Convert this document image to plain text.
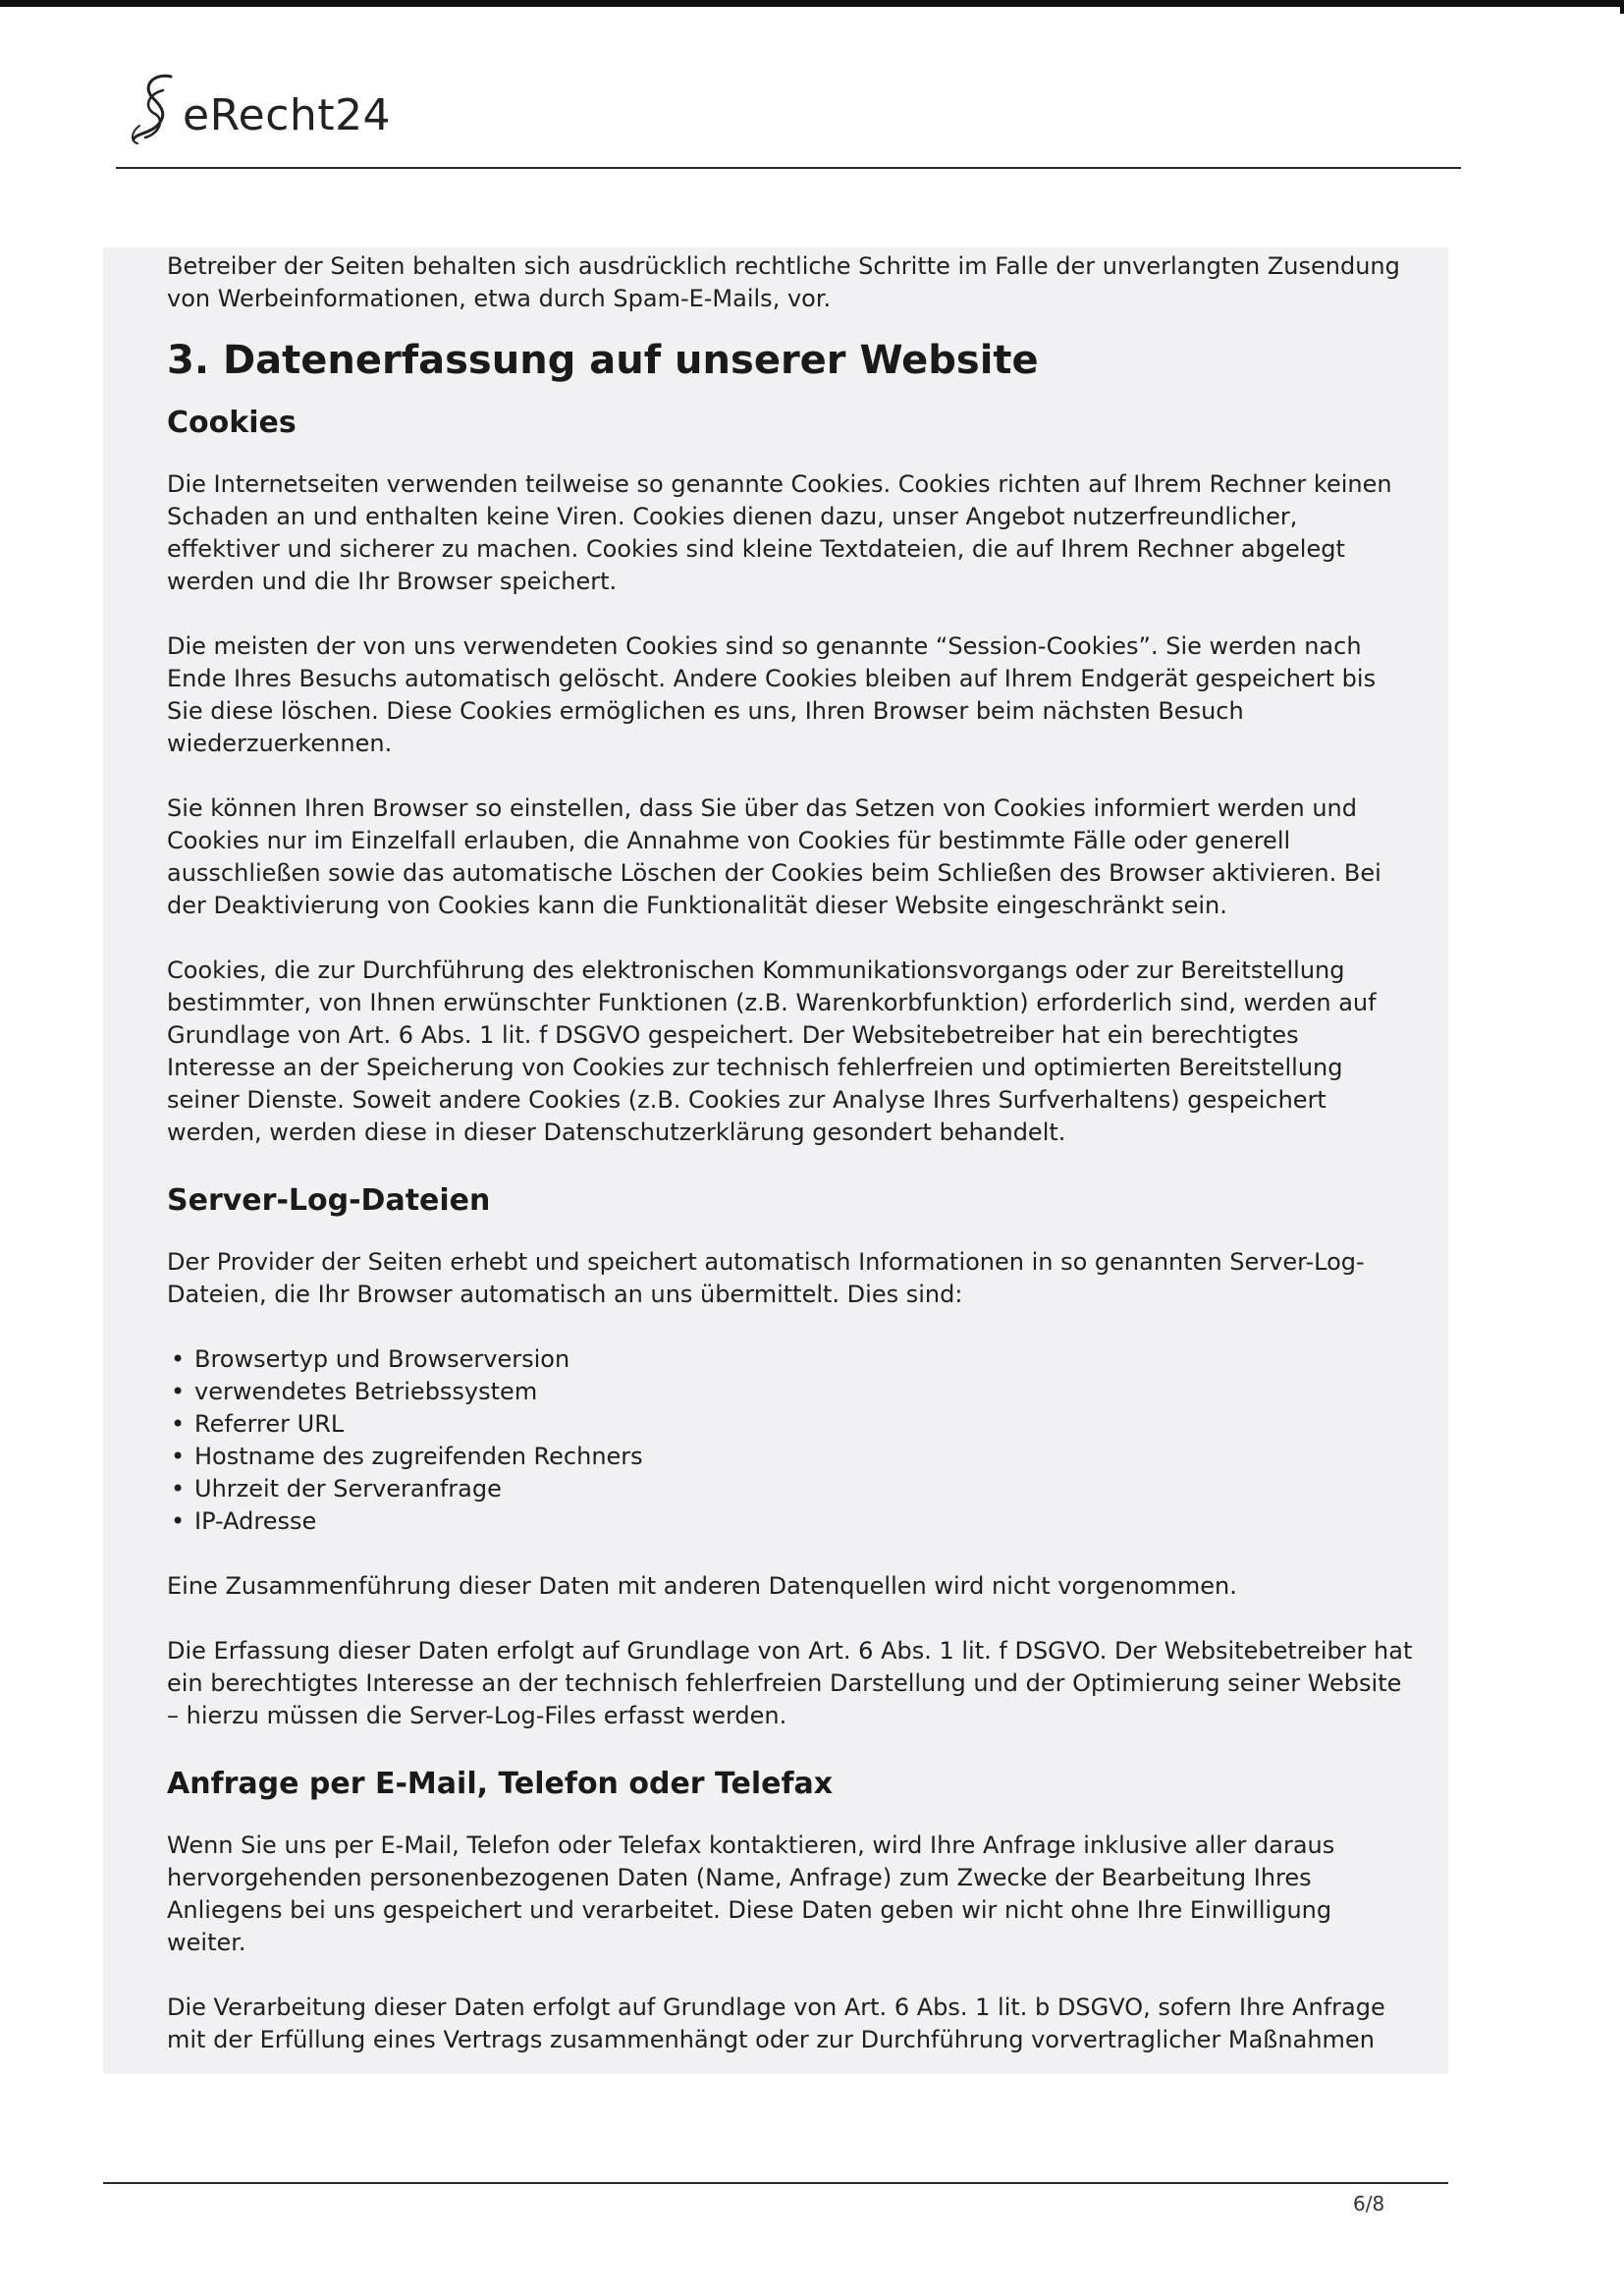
eRecht24

Betreiber der Seiten behalten sich ausdrücklich rechtliche Schritte im Falle der unverlangten Zusendung von Werbeinformationen, etwa durch Spam-E-Mails, vor.

3. Datenerfassung auf unserer Website
Cookies

Die Internetseiten verwenden teilweise so genannte Cookies. Cookies richten auf Ihrem Rechner keinen Schaden an und enthalten keine Viren. Cookies dienen dazu, unser Angebot nutzerfreundlicher, effektiver und sicherer zu machen. Cookies sind kleine Textdateien, die auf Ihrem Rechner abgelegt werden und die Ihr Browser speichert.

Die meisten der von uns verwendeten Cookies sind so genannte “Session-Cookies”. Sie werden nach Ende Ihres Besuchs automatisch gelöscht. Andere Cookies bleiben auf Ihrem Endgerät gespeichert bis Sie diese löschen. Diese Cookies ermöglichen es uns, Ihren Browser beim nächsten Besuch wiederzuerkennen.

Sie können Ihren Browser so einstellen, dass Sie über das Setzen von Cookies informiert werden und Cookies nur im Einzelfall erlauben, die Annahme von Cookies für bestimmte Fälle oder generell ausschließen sowie das automatische Löschen der Cookies beim Schließen des Browser aktivieren. Bei der Deaktivierung von Cookies kann die Funktionalität dieser Website eingeschränkt sein.

Cookies, die zur Durchführung des elektronischen Kommunikationsvorgangs oder zur Bereitstellung bestimmter, von Ihnen erwünschter Funktionen (z.B. Warenkorbfunktion) erforderlich sind, werden auf Grundlage von Art. 6 Abs. 1 lit. f DSGVO gespeichert. Der Websitebetreiber hat ein berechtigtes Interesse an der Speicherung von Cookies zur technisch fehlerfreien und optimierten Bereitstellung seiner Dienste. Soweit andere Cookies (z.B. Cookies zur Analyse Ihres Surfverhaltens) gespeichert werden, werden diese in dieser Datenschutzerklärung gesondert behandelt.

Server-Log-Dateien

Der Provider der Seiten erhebt und speichert automatisch Informationen in so genannten Server-Log-Dateien, die Ihr Browser automatisch an uns übermittelt. Dies sind:

• Browsertyp und Browserversion
• verwendetes Betriebssystem
• Referrer URL
• Hostname des zugreifenden Rechners
• Uhrzeit der Serveranfrage
• IP-Adresse

Eine Zusammenführung dieser Daten mit anderen Datenquellen wird nicht vorgenommen.

Die Erfassung dieser Daten erfolgt auf Grundlage von Art. 6 Abs. 1 lit. f DSGVO. Der Websitebetreiber hat ein berechtigtes Interesse an der technisch fehlerfreien Darstellung und der Optimierung seiner Website – hierzu müssen die Server-Log-Files erfasst werden.

Anfrage per E-Mail, Telefon oder Telefax

Wenn Sie uns per E-Mail, Telefon oder Telefax kontaktieren, wird Ihre Anfrage inklusive aller daraus hervorgehenden personenbezogenen Daten (Name, Anfrage) zum Zwecke der Bearbeitung Ihres Anliegens bei uns gespeichert und verarbeitet. Diese Daten geben wir nicht ohne Ihre Einwilligung weiter.

Die Verarbeitung dieser Daten erfolgt auf Grundlage von Art. 6 Abs. 1 lit. b DSGVO, sofern Ihre Anfrage mit der Erfüllung eines Vertrags zusammenhängt oder zur Durchführung vorvertraglicher Maßnahmen

6/8
